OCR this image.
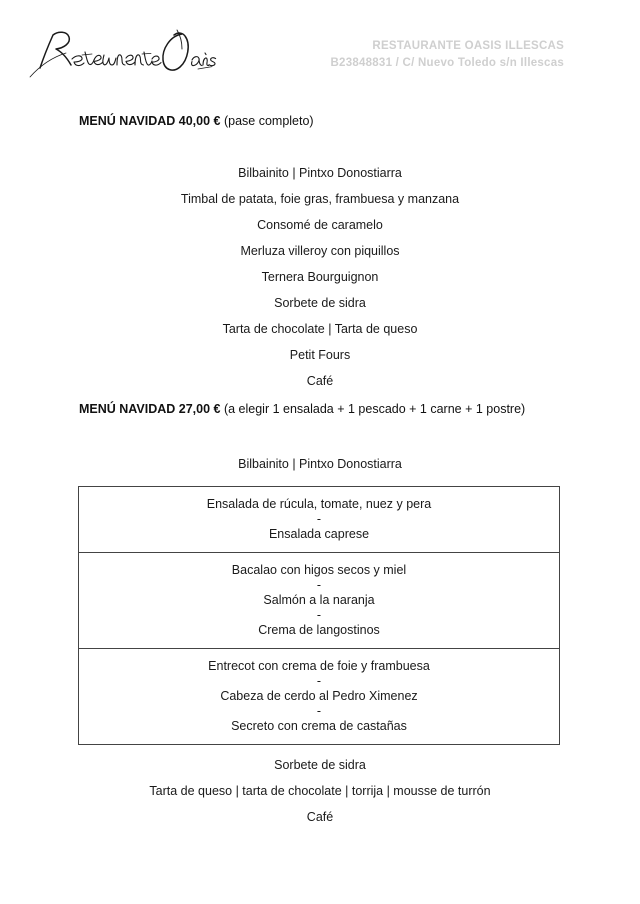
RESTAURANTE OASIS ILLESCAS
B23848831 / C/ Nuevo Toledo s/n Illescas
MENÚ NAVIDAD 40,00 € (pase completo)
Bilbainito | Pintxo Donostiarra
Timbal de patata, foie gras, frambuesa y manzana
Consomé de caramelo
Merluza villeroy con piquillos
Ternera Bourguignon
Sorbete de sidra
Tarta de chocolate | Tarta de queso
Petit Fours
Café
MENÚ NAVIDAD 27,00 € (a elegir 1 ensalada + 1 pescado + 1 carne + 1 postre)
Bilbainito | Pintxo Donostiarra
Ensalada de rúcula, tomate, nuez y pera
-
Ensalada caprese

Bacalao con higos secos y miel
-
Salmón a la naranja
-
Crema de langostinos

Entrecot con crema de foie y frambuesa
-
Cabeza de cerdo al Pedro Ximenez
-
Secreto con crema de castañas
Sorbete de sidra
Tarta de queso | tarta de chocolate | torrija | mousse de turrón
Café
